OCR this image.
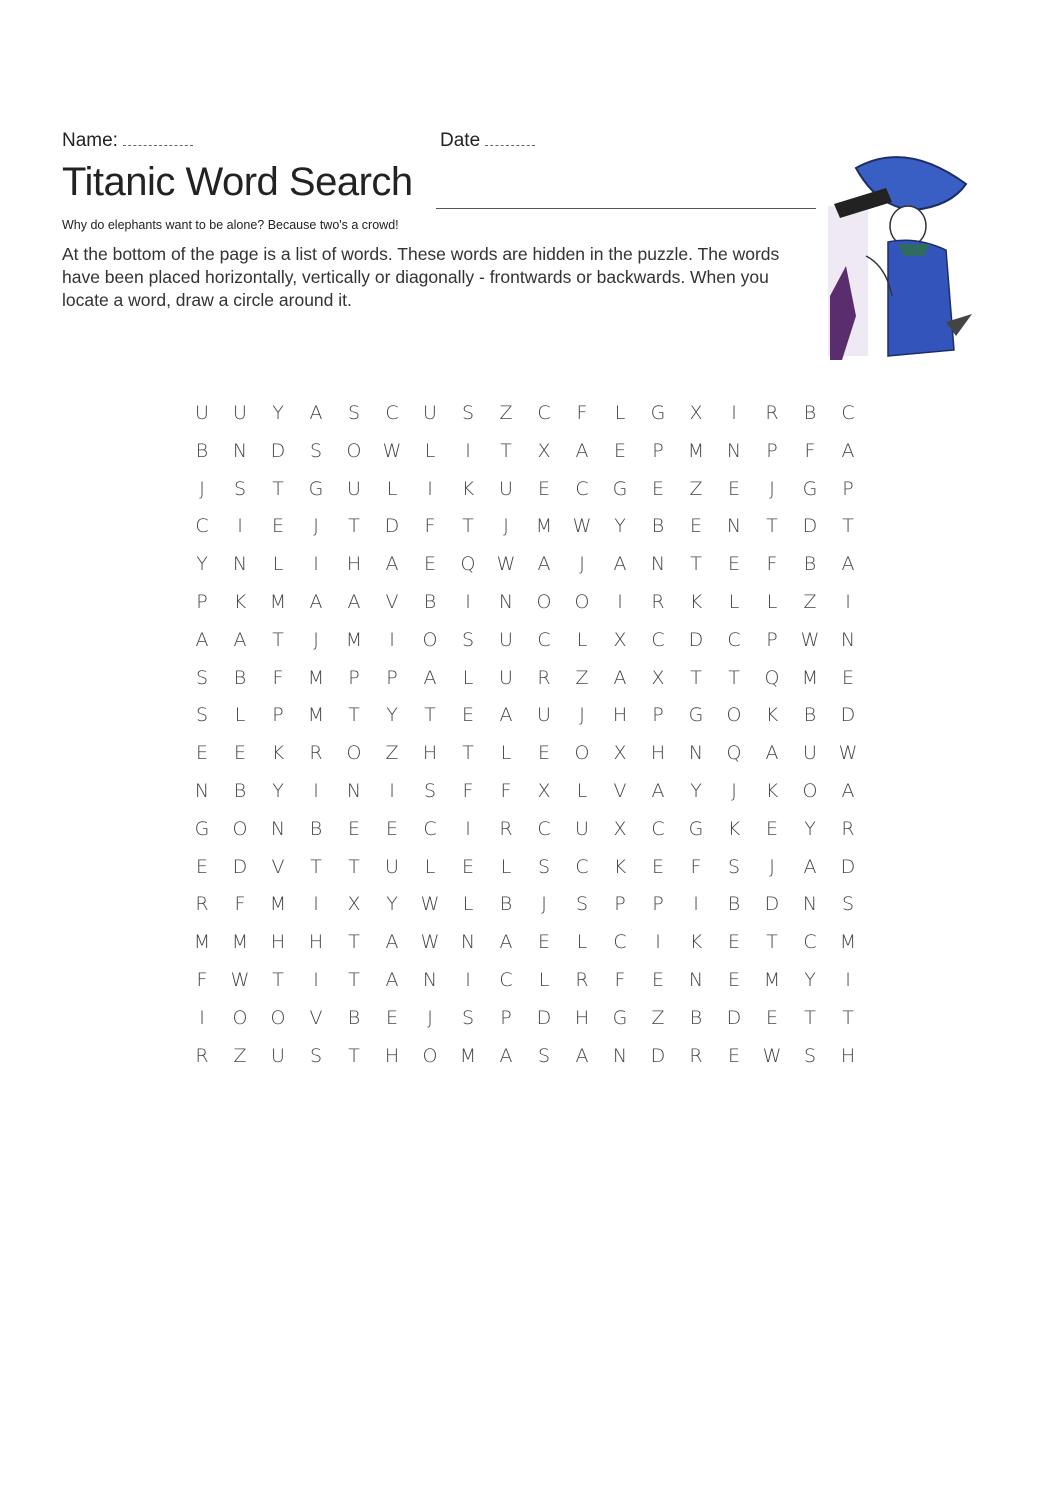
Name:	Date
Titanic Word Search
Why do elephants want to be alone? Because two's a crowd!
At the bottom of the page is a list of words. These words are hidden in the puzzle. The words have been placed horizontally, vertically or diagonally - frontwards or backwards. When you locate a word, draw a circle around it.
U	U	Y	A	S	C	U	S	Z	C	F	L	G	X	I	R	B	C
B	N	D	S	O	W	L	I	T	X	A	E	P	M	N	P	F	A
J	S	T	G	U	L	I	K	U	E	C	G	E	Z	E	J	G	P
C	I	E	J	T	D	F	T	J	M	W	Y	B	E	N	T	D	T
Y	N	L	I	H	A	E	Q	W	A	J	A	N	T	E	F	B	A
P	K	M	A	A	V	B	I	N	O	O	I	R	K	L	L	Z	I
A	A	T	J	M	I	O	S	U	C	L	X	C	D	C	P	W	N
S	B	F	M	P	P	A	L	U	R	Z	A	X	T	T	Q	M	E
S	L	P	M	T	Y	T	E	A	U	J	H	P	G	O	K	B	D
E	E	K	R	O	Z	H	T	L	E	O	X	H	N	Q	A	U	W
N	B	Y	I	N	I	S	F	F	X	L	V	A	Y	J	K	O	A
G	O	N	B	E	E	C	I	R	C	U	X	C	G	K	E	Y	R
E	D	V	T	T	U	L	E	L	S	C	K	E	F	S	J	A	D
R	F	M	I	X	Y	W	L	B	J	S	P	P	I	B	D	N	S
M	M	H	H	T	A	W	N	A	E	L	C	I	K	E	T	C	M
F	W	T	I	T	A	N	I	C	L	R	F	E	N	E	M	Y	I
I	O	O	V	B	E	J	S	P	D	H	G	Z	B	D	E	T	T
R	Z	U	S	T	H	O	M	A	S	A	N	D	R	E	W	S	H
